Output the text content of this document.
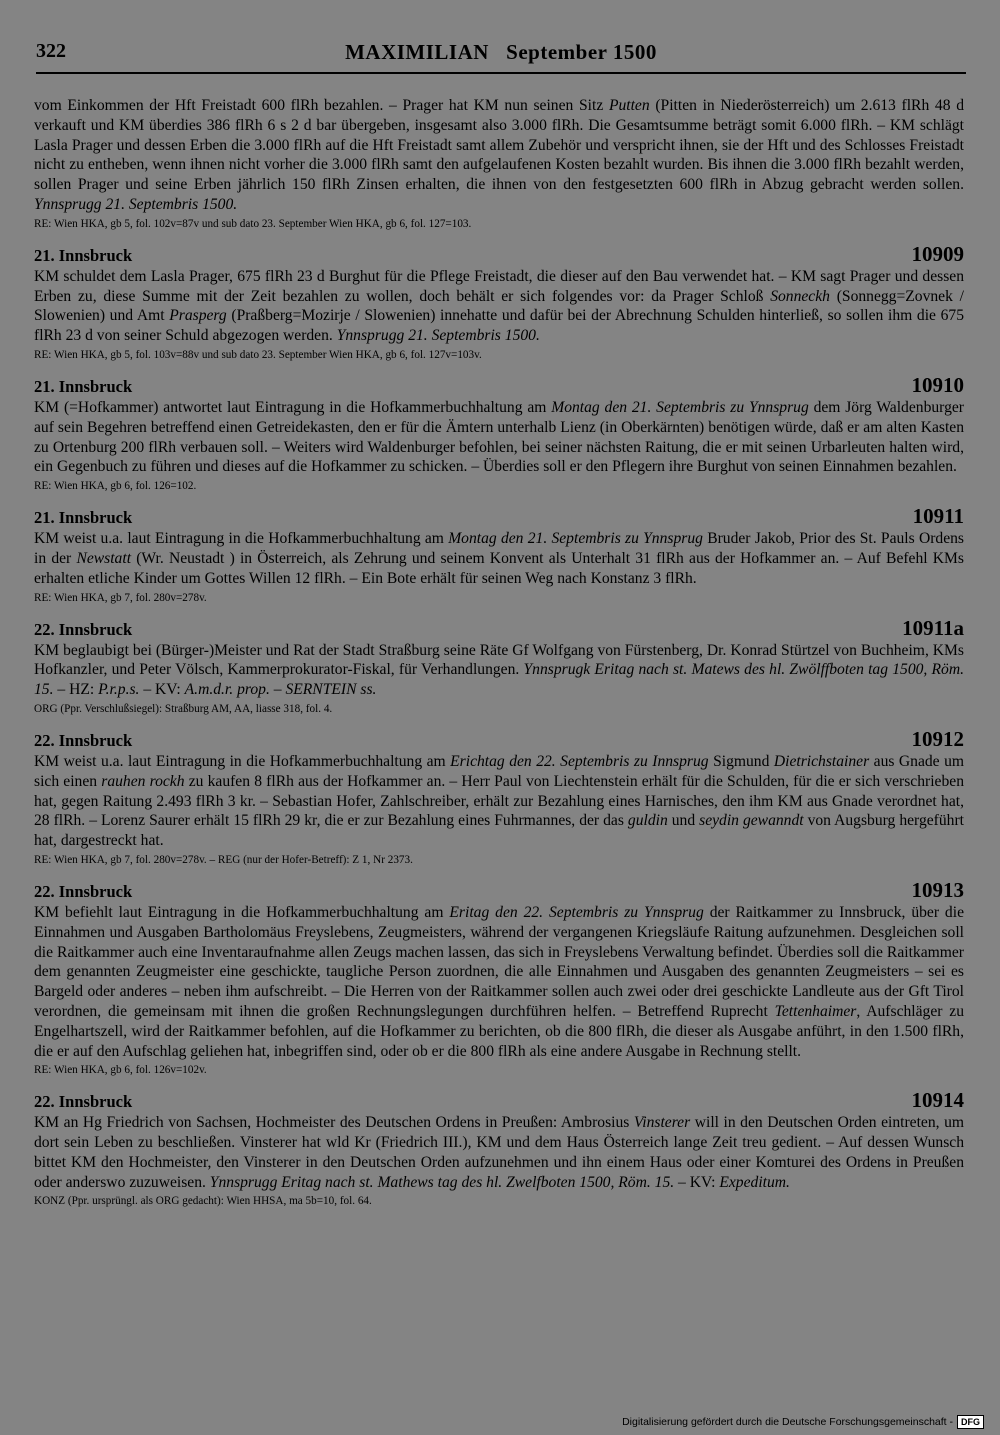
322	MAXIMILIAN   September 1500

vom Einkommen der Hft Freistadt 600 flRh bezahlen. – Prager hat KM nun seinen Sitz Putten (Pitten in Niederösterreich) um 2.613 flRh 48 d verkauft und KM überdies 386 flRh 6 s 2 d bar übergeben, insgesamt also 3.000 flRh. Die Gesamtsumme beträgt somit 6.000 flRh. – KM schlägt Lasla Prager und dessen Erben die 3.000 flRh auf die Hft Freistadt samt allem Zubehör und verspricht ihnen, sie der Hft und des Schlosses Freistadt nicht zu entheben, wenn ihnen nicht vorher die 3.000 flRh samt den aufgelaufenen Kosten bezahlt wurden. Bis ihnen die 3.000 flRh bezahlt werden, sollen Prager und seine Erben jährlich 150 flRh Zinsen erhalten, die ihnen von den festgesetzten 600 flRh in Abzug gebracht werden sollen. Ynnsprugg 21. Septembris 1500.

RE: Wien HKA, gb 5, fol. 102v=87v und sub dato 23. September Wien HKA, gb 6, fol. 127=103.

21. Innsbruck	10909

KM schuldet dem Lasla Prager, 675 flRh 23 d Burghut für die Pflege Freistadt, die dieser auf den Bau verwendet hat. – KM sagt Prager und dessen Erben zu, diese Summe mit der Zeit bezahlen zu wollen, doch behält er sich folgendes vor: da Prager Schloß Sonneckh (Sonnegg=Zovnek / Slowenien) und Amt Prasperg (Praßberg=Mozirje / Slowenien) innehatte und dafür bei der Abrechnung Schulden hinterließ, so sollen ihm die 675 flRh 23 d von seiner Schuld abgezogen werden. Ynnsprugg 21. Septembris 1500.

RE: Wien HKA, gb 5, fol. 103v=88v und sub dato 23. September Wien HKA, gb 6, fol. 127v=103v.

21. Innsbruck	10910

KM (=Hofkammer) antwortet laut Eintragung in die Hofkammerbuchhaltung am Montag den 21. Septembris zu Ynnsprug dem Jörg Waldenburger auf sein Begehren betreffend einen Getreidekasten, den er für die Ämtern unterhalb Lienz (in Oberkärnten) benötigen würde, daß er am alten Kasten zu Ortenburg 200 flRh verbauen soll. – Weiters wird Waldenburger befohlen, bei seiner nächsten Raitung, die er mit seinen Urbarleuten halten wird, ein Gegenbuch zu führen und dieses auf die Hofkammer zu schicken. – Überdies soll er den Pflegern ihre Burghut von seinen Einnahmen bezahlen.

RE: Wien HKA, gb 6, fol. 126=102.

21. Innsbruck	10911

KM weist u.a. laut Eintragung in die Hofkammerbuchhaltung am Montag den 21. Septembris zu Ynnsprug Bruder Jakob, Prior des St. Pauls Ordens in der Newstatt (Wr. Neustadt ) in Österreich, als Zehrung und seinem Konvent als Unterhalt 31 flRh aus der Hofkammer an. – Auf Befehl KMs erhalten etliche Kinder um Gottes Willen 12 flRh. – Ein Bote erhält für seinen Weg nach Konstanz 3 flRh.

RE: Wien HKA, gb 7, fol. 280v=278v.

22. Innsbruck	10911a

KM beglaubigt bei (Bürger-)Meister und Rat der Stadt Straßburg seine Räte Gf Wolfgang von Fürstenberg, Dr. Konrad Stürtzel von Buchheim, KMs Hofkanzler, und Peter Völsch, Kammerprokurator-Fiskal, für Verhandlungen. Ynnsprugk Eritag nach st. Matews des hl. Zwölffboten tag 1500, Röm. 15. – HZ: P.r.p.s. – KV: A.m.d.r. prop. – SERNTEIN ss.

ORG (Ppr. Verschlußsiegel): Straßburg AM, AA, liasse 318, fol. 4.

22. Innsbruck	10912

KM weist u.a. laut Eintragung in die Hofkammerbuchhaltung am Erichtag den 22. Septembris zu Innsprug Sigmund Dietrichstainer aus Gnade um sich einen rauhen rockh zu kaufen 8 flRh aus der Hofkammer an. – Herr Paul von Liechtenstein erhält für die Schulden, für die er sich verschrieben hat, gegen Raitung 2.493 flRh 3 kr. – Sebastian Hofer, Zahlschreiber, erhält zur Bezahlung eines Harnisches, den ihm KM aus Gnade verordnet hat, 28 flRh. – Lorenz Saurer erhält 15 flRh 29 kr, die er zur Bezahlung eines Fuhrmannes, der das guldin und seydin gewanndt von Augsburg hergeführt hat, dargestreckt hat.

RE: Wien HKA, gb 7, fol. 280v=278v. – REG (nur der Hofer-Betreff): Z 1, Nr 2373.

22. Innsbruck	10913

KM befiehlt laut Eintragung in die Hofkammerbuchhaltung am Eritag den 22. Septembris zu Ynnsprug der Raitkammer zu Innsbruck, über die Einnahmen und Ausgaben Bartholomäus Freyslebens, Zeugmeisters, während der vergangenen Kriegsläufe Raitung aufzunehmen. Desgleichen soll die Raitkammer auch eine Inventaraufnahme allen Zeugs machen lassen, das sich in Freyslebens Verwaltung befindet. Überdies soll die Raitkammer dem genannten Zeugmeister eine geschickte, taugliche Person zuordnen, die alle Einnahmen und Ausgaben des genannten Zeugmeisters – sei es Bargeld oder anderes – neben ihm aufschreibt. – Die Herren von der Raitkammer sollen auch zwei oder drei geschickte Landleute aus der Gft Tirol verordnen, die gemeinsam mit ihnen die großen Rechnungslegungen durchführen helfen. – Betreffend Ruprecht Tettenhaimer, Aufschläger zu Engelhartszell, wird der Raitkammer befohlen, auf die Hofkammer zu berichten, ob die 800 flRh, die dieser als Ausgabe anführt, in den 1.500 flRh, die er auf den Aufschlag geliehen hat, inbegriffen sind, oder ob er die 800 flRh als eine andere Ausgabe in Rechnung stellt.

RE: Wien HKA, gb 6, fol. 126v=102v.

22. Innsbruck	10914

KM an Hg Friedrich von Sachsen, Hochmeister des Deutschen Ordens in Preußen: Ambrosius Vinsterer will in den Deutschen Orden eintreten, um dort sein Leben zu beschließen. Vinsterer hat wld Kr (Friedrich III.), KM und dem Haus Österreich lange Zeit treu gedient. – Auf dessen Wunsch bittet KM den Hochmeister, den Vinsterer in den Deutschen Orden aufzunehmen und ihn einem Haus oder einer Komturei des Ordens in Preußen oder anderswo zuzuweisen. Ynnsprugg Eritag nach st. Mathews tag des hl. Zwelfboten 1500, Röm. 15. – KV: Expeditum.

KONZ (Ppr. ursprüngl. als ORG gedacht): Wien HHSA, ma 5b=10, fol. 64.

Digitalisierung gefördert durch die Deutsche Forschungsgemeinschaft - DFG
